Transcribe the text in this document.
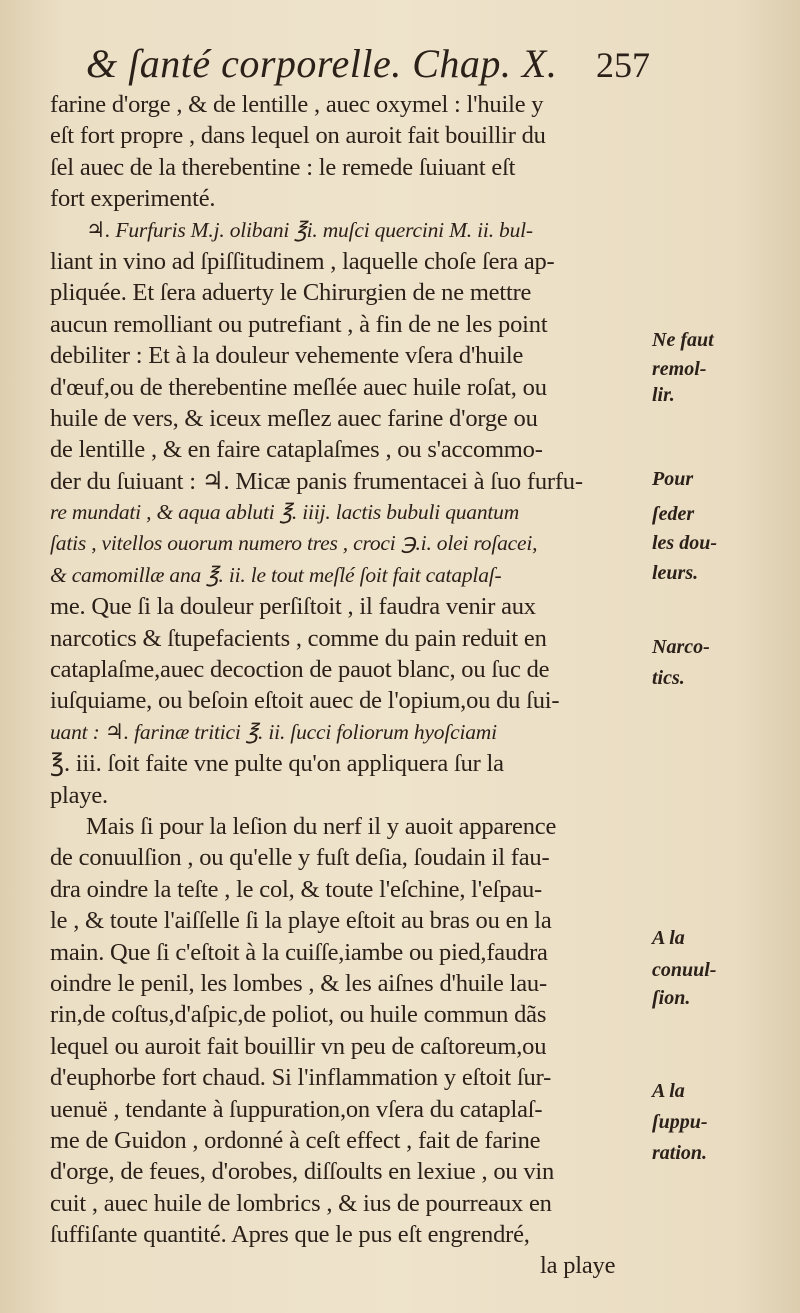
& ſanté corporelle. Chap. X. 257
farine d'orge , & de lentille , auec oxymel : l'huile y
eſt fort propre , dans lequel on auroit fait bouillir du
ſel auec de la therebentine : le remede ſuiuant eſt
fort experimenté.
♃. Furfuris M.j. olibani ℥i. muſci quercini M. ii. bul-
liant in vino ad ſpiſſitudinem , laquelle choſe ſera ap-
pliquée. Et ſera aduerty le Chirurgien de ne mettre
aucun remolliant ou putrefiant , à fin de ne les point
debiliter : Et à la douleur vehemente vſera d'huile
d'œuf,ou de therebentine meſlée auec huile roſat, ou
huile de vers, & iceux meſlez auec farine d'orge ou
de lentille , & en faire cataplaſmes , ou s'accommo-
der du ſuiuant : ♃. Micæ panis frumentacei à ſuo furfu-
re mundati , & aqua abluti ℥. iiij. lactis bubuli quantum
ſatis , vitellos ouorum numero tres , croci ℈.i. olei roſacei,
& camomillæ ana ℥. ii. le tout meſlé ſoit fait cataplaſ-
me. Que ſi la douleur perſiſtoit , il faudra venir aux
narcotics & ſtupefacients , comme du pain reduit en
cataplaſme,auec decoction de pauot blanc, ou ſuc de
iuſquiame, ou beſoin eſtoit auec de l'opium,ou du ſui-
uant : ♃. farinæ tritici ℥. ii. ſucci foliorum hyoſciami
℥. iii. ſoit faite vne pulte qu'on appliquera ſur la
playe.
Mais ſi pour la leſion du nerf il y auoit apparence
de conuulſion , ou qu'elle y fuſt deſia, ſoudain il fau-
dra oindre la teſte , le col, & toute l'eſchine, l'eſpau-
le , & toute l'aiſſelle ſi la playe eſtoit au bras ou en la
main. Que ſi c'eſtoit à la cuiſſe,iambe ou pied,faudra
oindre le penil, les lombes , & les aiſnes d'huile lau-
rin,de coſtus,d'aſpic,de poliot, ou huile commun dãs
lequel ou auroit fait bouillir vn peu de caſtoreum,ou
d'euphorbe fort chaud. Si l'inflammation y eſtoit ſur-
uenuë , tendante à ſuppuration,on vſera du cataplaſ-
me de Guidon , ordonné à ceſt effect , fait de farine
d'orge, de feues, d'orobes, diſſoults en lexiue , ou vin
cuit , auec huile de lombrics , & ius de pourreaux en
ſuffiſante quantité. Apres que le pus eſt engrendré,
la playe
Ne faut
remol-
lir.
Pour
ſeder
les dou-
leurs.
Narco-
tics.
A la
conuul-
ſion.
A la
ſuppu-
ration.
